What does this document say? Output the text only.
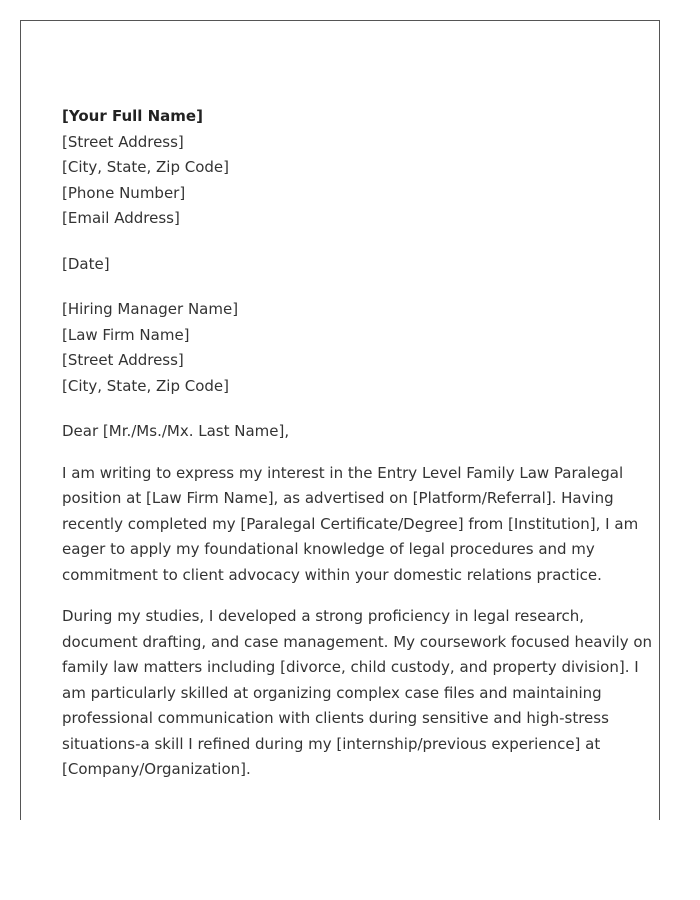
[Your Full Name]
[Street Address]
[City, State, Zip Code]
[Phone Number]
[Email Address]
[Date]
[Hiring Manager Name]
[Law Firm Name]
[Street Address]
[City, State, Zip Code]
Dear [Mr./Ms./Mx. Last Name],
I am writing to express my interest in the Entry Level Family Law Paralegal
position at [Law Firm Name], as advertised on [Platform/Referral]. Having
recently completed my [Paralegal Certificate/Degree] from [Institution], I am
eager to apply my foundational knowledge of legal procedures and my
commitment to client advocacy within your domestic relations practice.
During my studies, I developed a strong proficiency in legal research,
document drafting, and case management. My coursework focused heavily on
family law matters including [divorce, child custody, and property division]. I
am particularly skilled at organizing complex case files and maintaining
professional communication with clients during sensitive and high-stress
situations-a skill I refined during my [internship/previous experience] at
[Company/Organization].
